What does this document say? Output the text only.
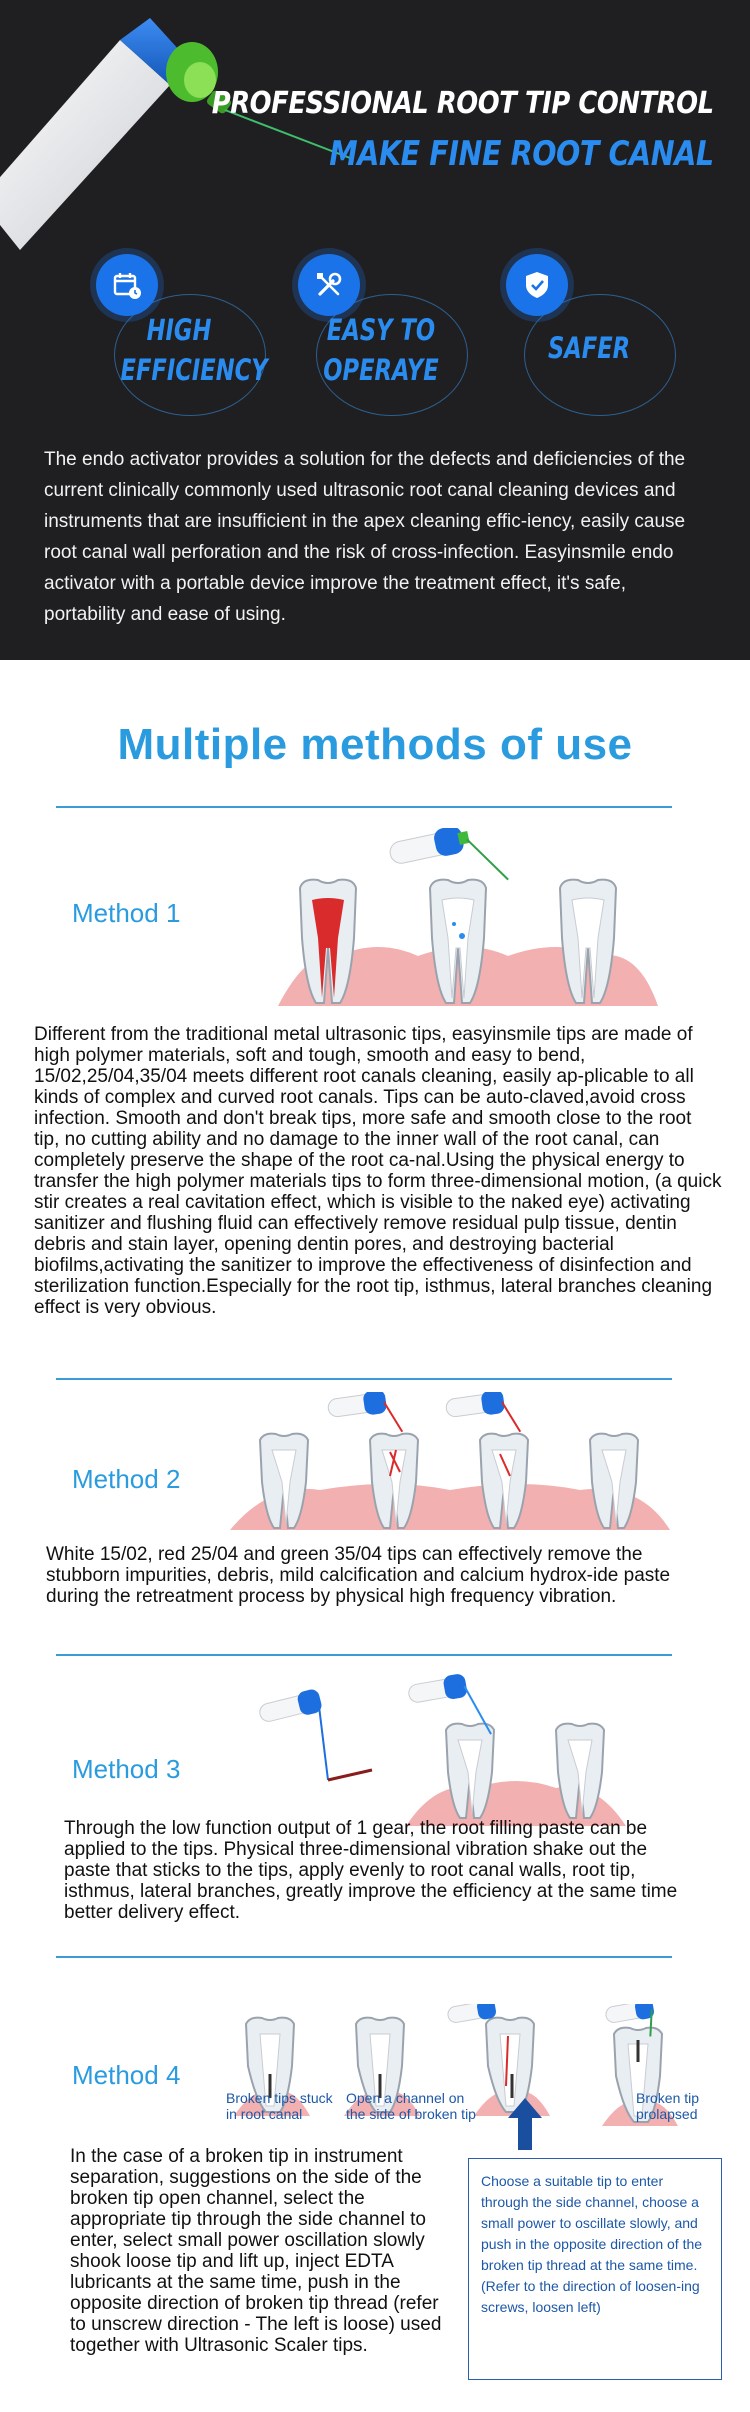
PROFESSIONAL ROOT TIP CONTROL
MAKE FINE ROOT CANAL
HIGH
EFFICIENCY
EASY TO
OPERAYE
SAFER
The endo activator provides a solution for the defects and deficiencies of the current clinically commonly used ultrasonic root canal cleaning devices and instruments that are insufficient in the apex cleaning effic-iency, easily cause root canal wall perforation and the risk of cross-infection. Easyinsmile endo activator with a portable device improve the treatment effect, it's safe, portability and ease of using.
Multiple methods of use
Method 1
Different from the traditional metal ultrasonic tips, easyinsmile tips are made of high polymer materials, soft and tough, smooth and easy to bend, 15/02,25/04,35/04 meets different root canals cleaning, easily ap-plicable to all kinds of complex and curved root canals. Tips can be auto-claved,avoid cross infection. Smooth and don't break tips, more safe and smooth close to the root tip, no cutting ability and no damage to the inner wall of the root canal, can completely preserve the shape of the root ca-nal.Using the physical energy to transfer the high polymer materials tips to form three-dimensional motion, (a quick stir creates a real cavitation effect, which is visible to the naked eye) activating sanitizer and flushing fluid can effectively remove residual pulp tissue, dentin debris and stain layer, opening dentin pores, and destroying bacterial biofilms,activating the sanitizer to improve the effectiveness of disinfection and sterilization function.Especially for the root tip, isthmus, lateral branches cleaning effect is very obvious.
Method 2
White 15/02, red 25/04 and green 35/04 tips can effectively remove the stubborn impurities, debris, mild calcification and calcium hydrox-ide paste during the retreatment process by physical high frequency vibration.
Method 3
Through the low function output of 1 gear, the root filling paste can be applied to the tips. Physical three-dimensional vibration shake out the paste that sticks to the tips, apply evenly to root canal walls, root tip, isthmus, lateral branches, greatly improve the efficiency at the same time better delivery effect.
Method 4
Broken tips stuck in root canal
Open a channel on the side of broken tip
Broken tip prolapsed
In the case of a broken tip in instrument separation, suggestions on the side of the broken tip open channel, select the appropriate tip through the side channel to enter, select small power oscillation slowly shook loose tip and lift up, inject EDTA lubricants at the same time, push in the opposite direction of broken tip thread (refer to unscrew direction - The left is loose) used together with Ultrasonic Scaler tips.
Choose a suitable tip to enter through the side channel, choose a small power to oscillate slowly, and push in the opposite direction of the broken tip thread at the same time.
(Refer to the direction of loosen-ing screws, loosen left)
